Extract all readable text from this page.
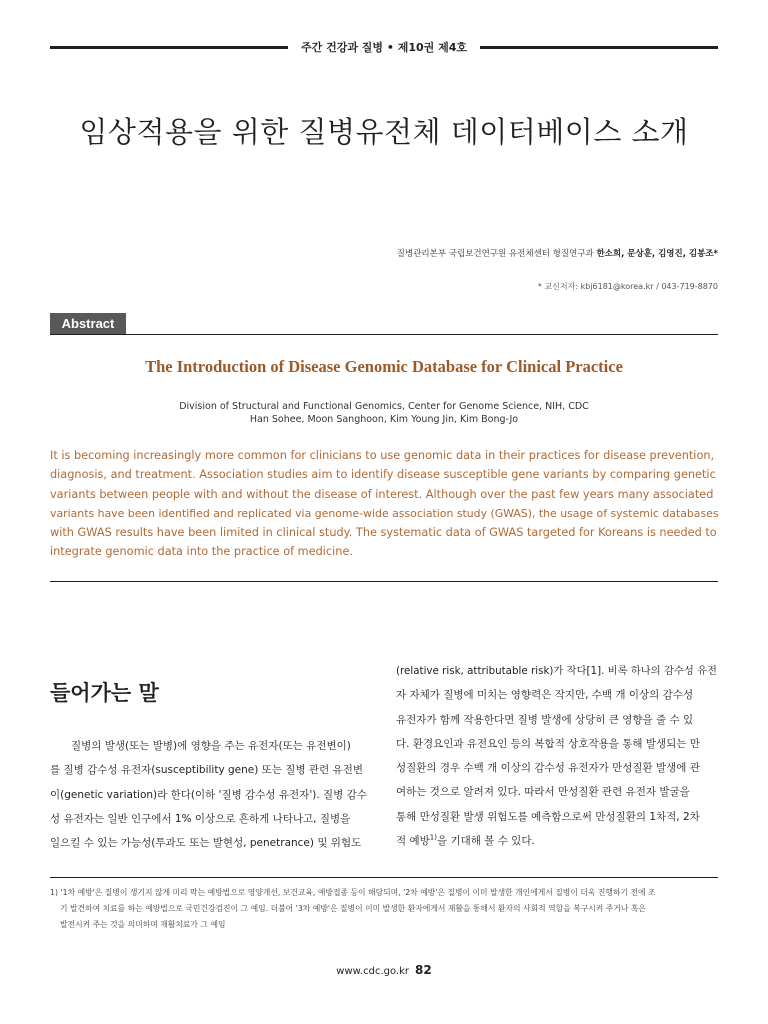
주간 건강과 질병 • 제10권 제4호
임상적용을 위한 질병유전체 데이터베이스 소개
질병관리본부 국립보건연구원 유전체센터 형질연구과 한소희, 문상훈, 김영진, 김봉조*
* 교신저자: kbj6181@korea.kr / 043-719-8870
Abstract
The Introduction of Disease Genomic Database for Clinical Practice
Division of Structural and Functional Genomics, Center for Genome Science, NIH, CDC
Han Sohee, Moon Sanghoon, Kim Young Jin, Kim Bong-Jo

It is becoming increasingly more common for clinicians to use genomic data in their practices for disease prevention,

diagnosis, and treatment. Association studies aim to identify disease susceptible gene variants by comparing genetic

variants between people with and without the disease of interest. Although over the past few years many associated

variants have been identified and replicated via genome-wide association study (GWAS), the usage of systemic databases

with GWAS results have been limited in clinical study. The systematic data of GWAS targeted for Koreans is needed to

integrate genomic data into the practice of medicine.

들어가는 말

질병의 발생(또는 발병)에 영향을 주는 유전자(또는 유전변이)

를 질병 감수성 유전자(susceptibility gene) 또는 질병 관련 유전변

이(genetic variation)라 한다(이하 '질병 감수성 유전자'). 질병 감수

성 유전자는 일반 인구에서 1% 이상으로 흔하게 나타나고, 질병을

일으킬 수 있는 가능성(투과도 또는 발현성, penetrance) 및 위험도

(relative risk, attributable risk)가 작다[1]. 비록 하나의 감수성 유전

자 자체가 질병에 미치는 영향력은 작지만, 수백 개 이상의 감수성

유전자가 함께 작용한다면 질병 발생에 상당히 큰 영향을 줄 수 있

다. 환경요인과 유전요인 등의 복합적 상호작용을 통해 발생되는 만

성질환의 경우 수백 개 이상의 감수성 유전자가 만성질환 발생에 관

여하는 것으로 알려져 있다. 따라서 만성질환 관련 유전자 발굴을

통해 만성질환 발생 위험도를 예측함으로써 만성질환의 1차적, 2차

적 예방$^{1)}$을 기대해 볼 수 있다.

1) '1차 예방'은 질병이 생기지 않게 미리 막는 예방법으로 영양개선, 보건교육, 예방접종 등이 해당되며, '2차 예방'은 질병이 이미 발생한 개인에게서 질병이 더욱 진행하기 전에 조

기 발견하여 치료를 하는 예방법으로 국민건강검진이 그 예임. 더불어 '3차 예방'은 질병이 이미 발생한 환자에게서 재활을 통해서 환자의 사회적 역할을 복구시켜 주거나 혹은

발전시켜 주는 것을 의미하며 재활치료가 그 예임

www.cdc.go.kr 82
